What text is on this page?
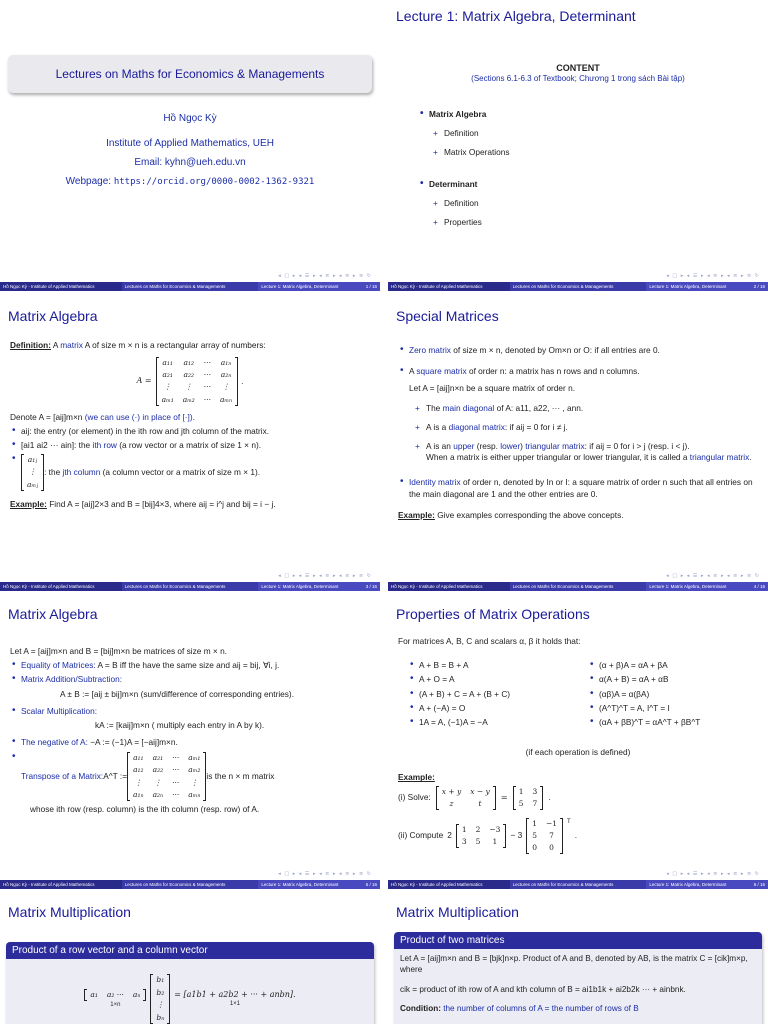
Lectures on Maths for Economics & Managements
Hồ Ngọc Kỳ
Institute of Applied Mathematics, UEH
Email: kyhn@ueh.edu.vn
Webpage: https://orcid.org/0000-0002-1362-9321
◂ □ ▸ ◂ ☰ ▸ ◂ ≡ ▸ ◂ ≡ ▸ ≡ ↻
Hồ Ngọc Kỳ - Institute of Applied Mathematics	Lectures on Maths for Economics & Managements	Lecture 1: Matrix Algebra, Determinant	1 / 16
Lecture 1: Matrix Algebra, Determinant
CONTENT
(Sections 6.1-6.3 of Textbook; Chương 1 trong sách Bài tập)
• Matrix Algebra
+ Definition
+ Matrix Operations
• Determinant
+ Definition
+ Properties
◂ □ ▸ ◂ ☰ ▸ ◂ ≡ ▸ ◂ ≡ ▸ ≡ ↻
Hồ Ngọc Kỳ - Institute of Applied Mathematics	Lectures on Maths for Economics & Managements	Lecture 1: Matrix Algebra, Determinant	2 / 16
Matrix Algebra
Definition: A matrix A of size m × n is a rectangular array of numbers:
A =
a₁₁ a₁₂ ··· a₁ₙ
a₂₁ a₂₂ ··· a₂ₙ
⋮	⋮	···	⋮
aₘ₁ aₘ₂ ··· aₘₙ
.
Denote A = [aij]m×n (we can use (·) in place of [·]).
• aij: the entry (or element) in the ith row and jth column of the matrix.
• [ai1 ai2 ··· ain]: the ith row (a row vector or a matrix of size 1 × n).
• a₁ⱼ
⋮
aₘⱼ
: the jth column (a column vector or a matrix of size m × 1).
Example: Find A = [aij]2×3 and B = [bij]4×3, where aij = i^j and bij = i − j.
◂ □ ▸ ◂ ☰ ▸ ◂ ≡ ▸ ◂ ≡ ▸ ≡ ↻
Hồ Ngọc Kỳ - Institute of Applied Mathematics	Lectures on Maths for Economics & Managements	Lecture 1: Matrix Algebra, Determinant	3 / 16
Special Matrices
• Zero matrix of size m × n, denoted by Om×n or O: if all entries are 0.
• A square matrix of order n: a matrix has n rows and n columns.
Let A = [aij]n×n be a square matrix of order n.
+ The main diagonal of A: a11, a22, ··· , ann.
+ A is a diagonal matrix: if aij = 0 for i ≠ j.
+ A is an upper (resp. lower) triangular matrix: if aij = 0 for i > j (resp. i < j).
When a matrix is either upper triangular or lower triangular, it is called a triangular matrix.
• Identity matrix of order n, denoted by In or I: a square matrix of order n such that all entries on the main diagonal are 1 and the other entries are 0.
Example: Give examples corresponding the above concepts.
◂ □ ▸ ◂ ☰ ▸ ◂ ≡ ▸ ◂ ≡ ▸ ≡ ↻
Hồ Ngọc Kỳ - Institute of Applied Mathematics	Lectures on Maths for Economics & Managements	Lecture 1: Matrix Algebra, Determinant	4 / 16
Matrix Algebra
Let A = [aij]m×n and B = [bij]m×n be matrices of size m × n.
• Equality of Matrices: A = B iff the have the same size and aij = bij, ∀i, j.
• Matrix Addition/Subtraction:
A ± B := [aij ± bij]m×n (sum/difference of corresponding entries).
• Scalar Multiplication:
kA := [kaij]m×n ( multiply each entry in A by k).
• The negative of A: −A := (−1)A = [−aij]m×n.
• Transpose of a Matrix: A^T :=
a₁₁ a₂₁ ··· aₘ₁
a₁₂ a₂₂ ··· aₘ₂
⋮ ⋮ ···	⋮
a₁ₙ a₂ₙ ··· aₘₙ
is the n × m matrix
whose ith row (resp. column) is the ith column (resp. row) of A.
◂ □ ▸ ◂ ☰ ▸ ◂ ≡ ▸ ◂ ≡ ▸ ≡ ↻
Hồ Ngọc Kỳ - Institute of Applied Mathematics	Lectures on Maths for Economics & Managements	Lecture 1: Matrix Algebra, Determinant	5 / 16
Properties of Matrix Operations
For matrices A, B, C and scalars α, β it holds that:
• A + B = B + A
• A + O = A
• (A + B) + C = A + (B + C)
• A + (−A) = O
• 1A = A, (−1)A = −A
• (α + β)A = αA + βA
• α(A + B) = αA + αB
• (αβ)A = α(βA)
• (A^T)^T = A, I^T = I
• (αA + βB)^T = αA^T + βB^T
(if each operation is defined)
Example:
(i) Solve:
x + y x − y
z	t
=
1 3
5 7
.
(ii) Compute 2
1 2 −3
3 5	1
− 3
1 −1
5	7
0	0
T
.
◂ □ ▸ ◂ ☰ ▸ ◂ ≡ ▸ ◂ ≡ ▸ ≡ ↻
Hồ Ngọc Kỳ - Institute of Applied Mathematics	Lectures on Maths for Economics & Managements	Lecture 1: Matrix Algebra, Determinant	6 / 16
Matrix Multiplication
Product of a row vector and a column vector
a₁ a₂ ··· aₙ
1×n
b₁
b₂
⋮
bₙ
= [a1b1 + a2b2 + ··· + anbn].
1×1
Matrix Multiplication
Product of two matrices
Let A = [aij]m×n and B = [bjk]n×p. Product of A and B, denoted by AB, is the matrix C = [cik]m×p, where
cik = product of ith row of A and kth column of B = ai1b1k + ai2b2k ··· + ainbnk.
Condition: the number of columns of A = the number of rows of B
